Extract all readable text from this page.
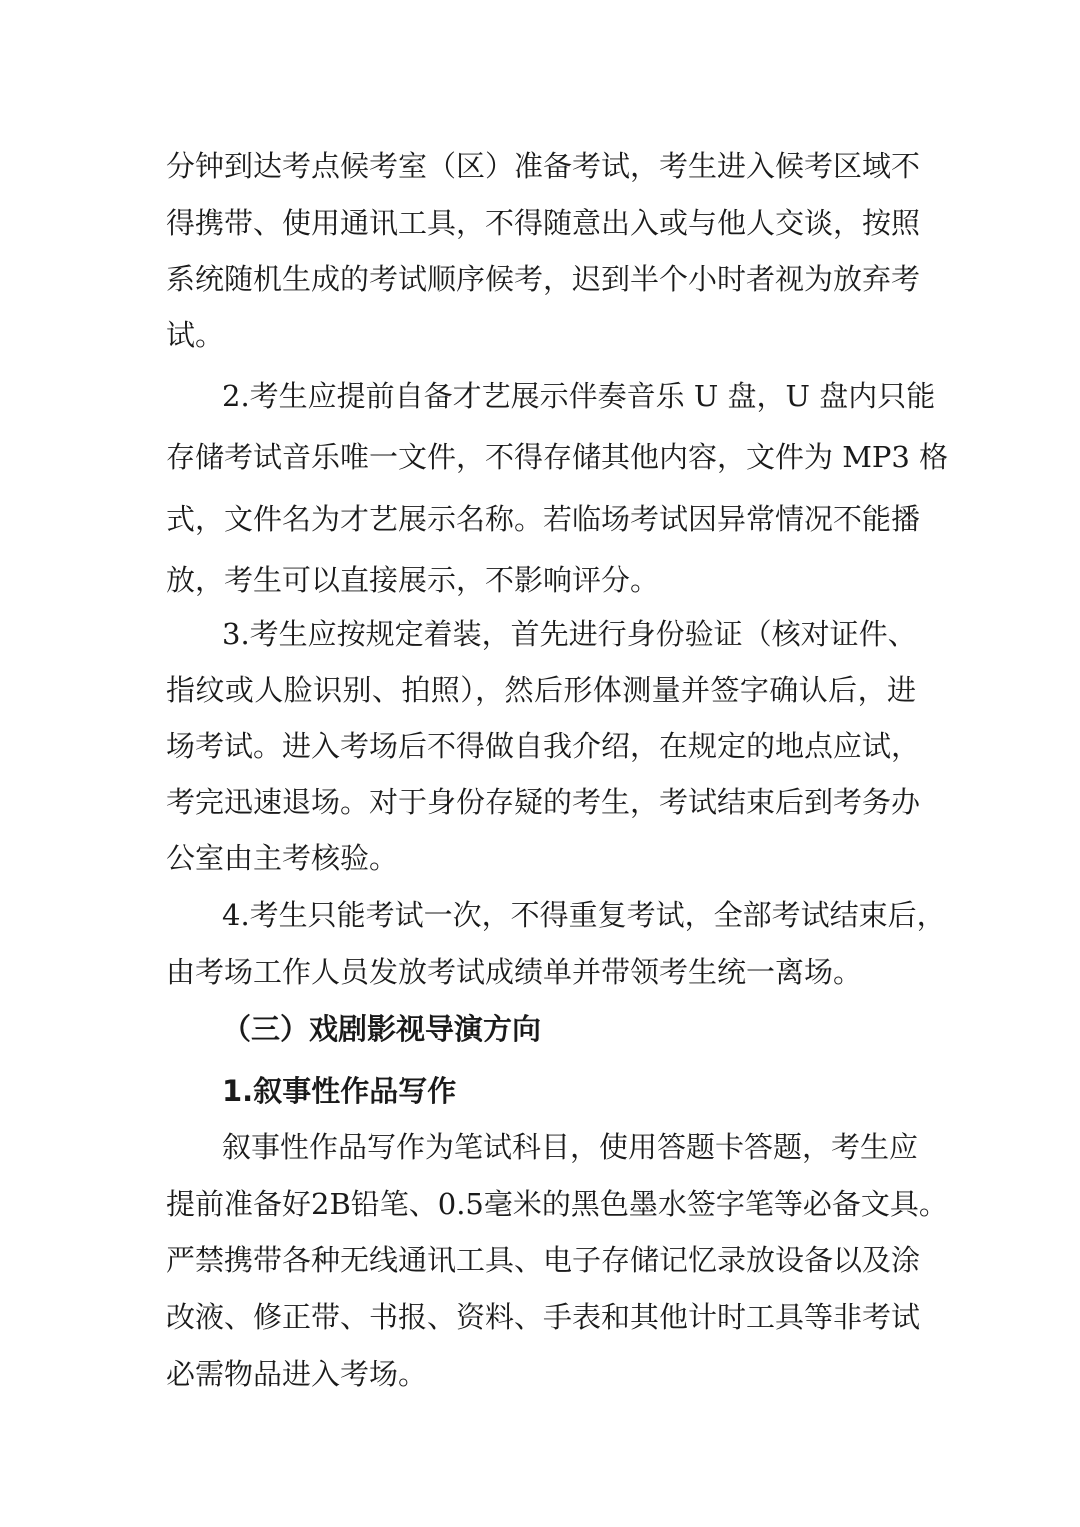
分钟到达考点候考室（区）准备考试，考生进入候考区域不
得携带、使用通讯工具，不得随意出入或与他人交谈，按照
系统随机生成的考试顺序候考，迟到半个小时者视为放弃考
试。
2.考生应提前自备才艺展示伴奏音乐 U 盘，U 盘内只能
存储考试音乐唯一文件，不得存储其他内容，文件为 MP3 格
式，文件名为才艺展示名称。若临场考试因异常情况不能播
放，考生可以直接展示，不影响评分。
3.考生应按规定着装，首先进行身份验证（核对证件、
指纹或人脸识别、拍照），然后形体测量并签字确认后，进
场考试。进入考场后不得做自我介绍，在规定的地点应试，
考完迅速退场。对于身份存疑的考生，考试结束后到考务办
公室由主考核验。
4.考生只能考试一次，不得重复考试，全部考试结束后，
由考场工作人员发放考试成绩单并带领考生统一离场。
（三）戏剧影视导演方向
1.叙事性作品写作
叙事性作品写作为笔试科目，使用答题卡答题，考生应
提前准备好2B铅笔、0.5毫米的黑色墨水签字笔等必备文具。
严禁携带各种无线通讯工具、电子存储记忆录放设备以及涂
改液、修正带、书报、资料、手表和其他计时工具等非考试
必需物品进入考场。
